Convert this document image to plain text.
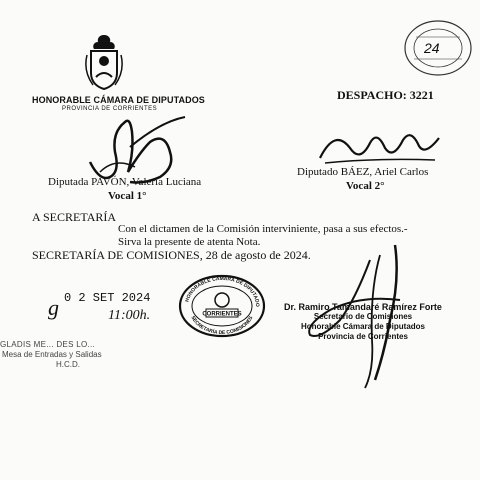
24
HONORABLE CÁMARA DE DIPUTADOS
PROVINCIA DE CORRIENTES
DESPACHO: 3221
Diputada PAVÓN, Valeria Luciana
Vocal 1°
Diputado BÁEZ, Ariel Carlos
Vocal 2°
A SECRETARÍA
Con el dictamen de la Comisión interviniente, pasa a sus efectos.-
Sirva la presente de atenta Nota.
SECRETARÍA DE COMISIONES, 28 de agosto de 2024.
g 0 2 SET 2024
11:00h.
GLADIS ME... DES LO...
Mesa de Entradas y Salidas
H.C.D.
HONORABLE CÁMARA DE DIPUTADO
SECRETARÍA DE COMISIONES
CORRIENTES
Dr. Ramiro Tamandaré Ramírez Forte
Secretario de Comisiones
Honorable Cámara de Diputados
Provincia de Corrientes
